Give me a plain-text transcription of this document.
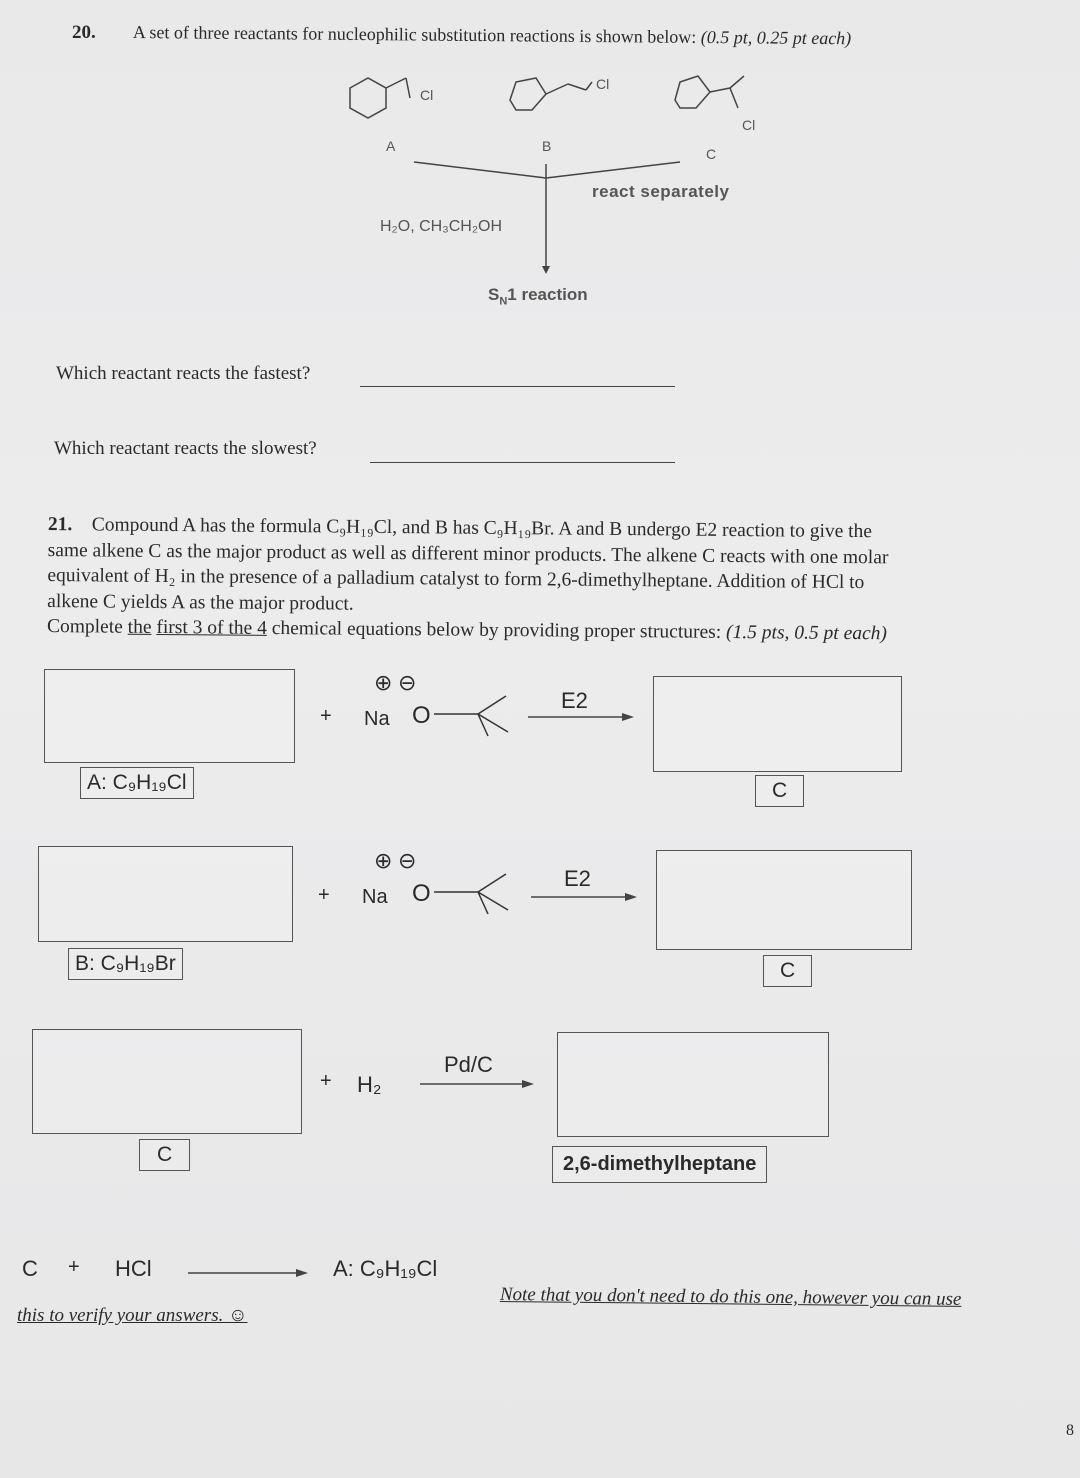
20. A set of three reactants for nucleophilic substitution reactions is shown below: (0.5 pt, 0.25 pt each)
Cl
A
Cl
B
Cl
C
react separately
H₂O, CH₃CH₂OH
$S_N1$ reaction
Which reactant reacts the fastest?
Which reactant reacts the slowest?
21. Compound A has the formula C₉H₁₉Cl, and B has C₉H₁₉Br. A and B undergo E2 reaction to give the
same alkene C as the major product as well as different minor products. The alkene C reacts with one molar
equivalent of H₂ in the presence of a palladium catalyst to form 2,6-dimethylheptane. Addition of HCl to
alkene C yields A as the major product.
Complete the first 3 of the 4 chemical equations below by providing proper structures: (1.5 pts, 0.5 pt each)
A: C₉H₁₉Cl
+ Na
⊕ ⊖
O
E2
C
B: C₉H₁₉Br
+ Na
⊕ ⊖
O
E2
C
C
+ H₂
Pd/C
2,6-dimethylheptane
C + HCl	A: C₉H₁₉Cl
Note that you don't need to do this one, however you can use
this to verify your answers. ☺
8
